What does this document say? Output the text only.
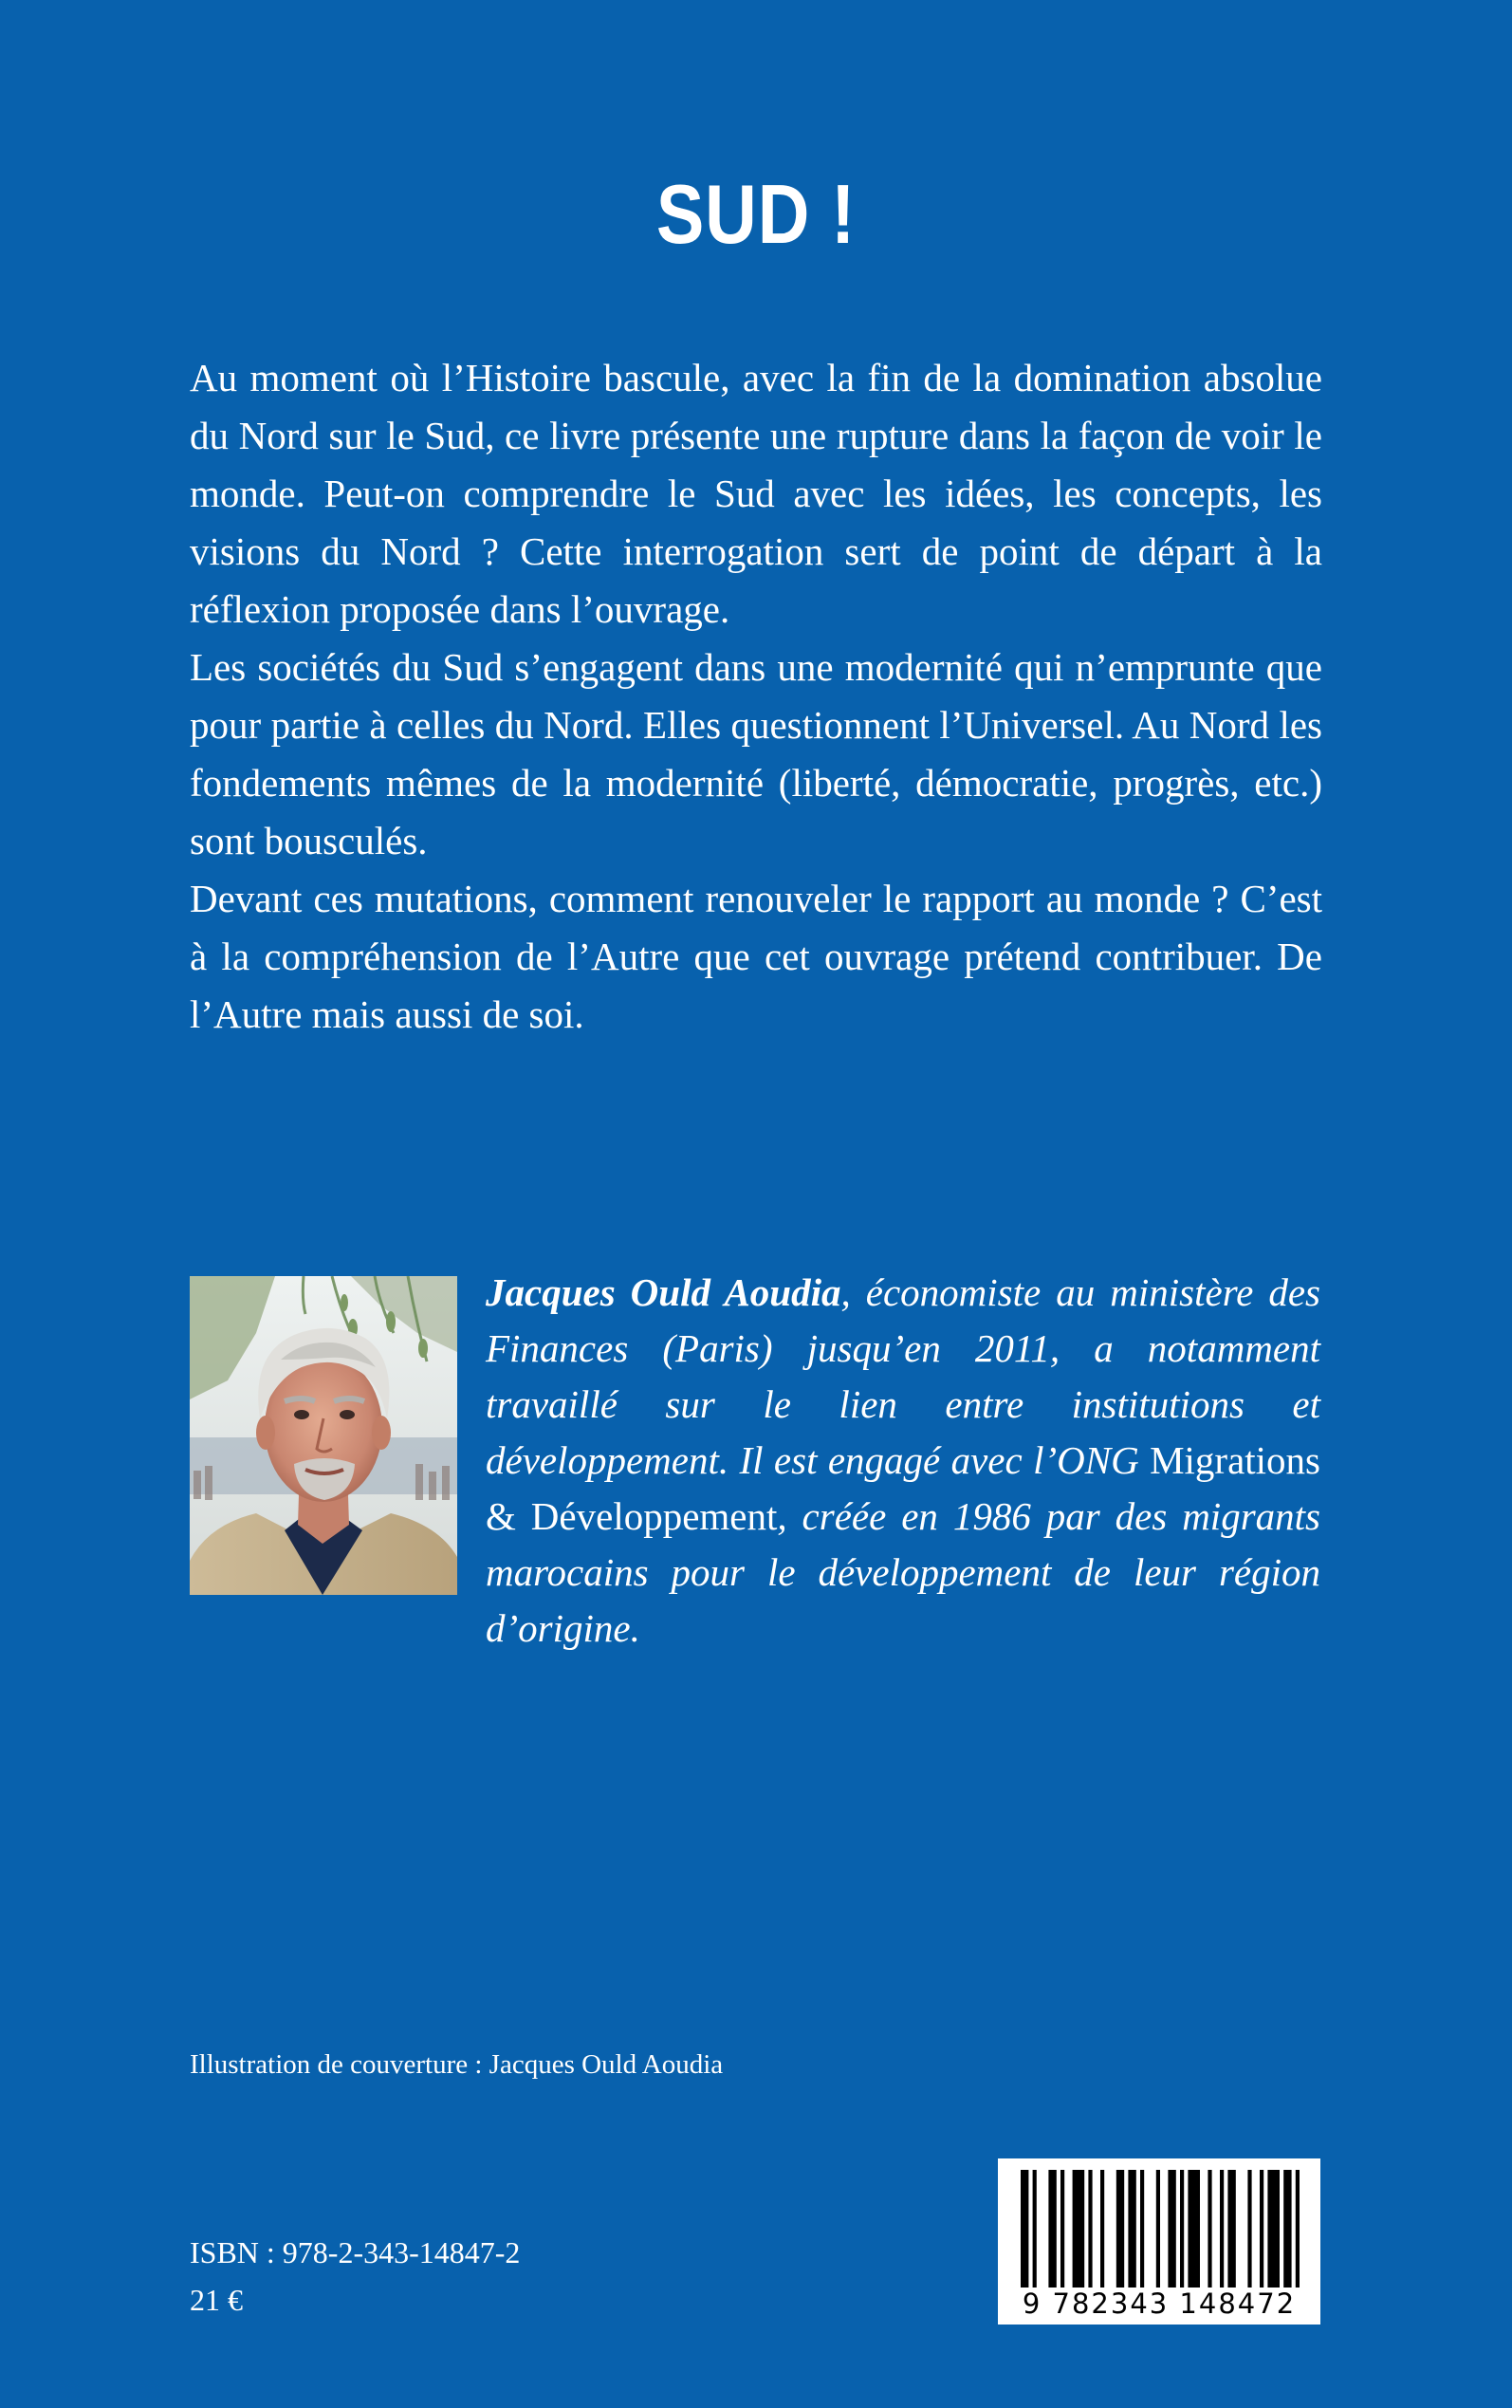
SUD !

Au moment où l’Histoire bascule, avec la fin de la domination absolue du Nord sur le Sud, ce livre présente une rupture dans la façon de voir le monde. Peut-on comprendre le Sud avec les idées, les concepts, les visions du Nord ? Cette interrogation sert de point de départ à la réflexion proposée dans l’ouvrage.

Les sociétés du Sud s’engagent dans une modernité qui n’emprunte que pour partie à celles du Nord. Elles questionnent l’Universel. Au Nord les fondements mêmes de la modernité (liberté, démocratie, progrès, etc.) sont bousculés.

Devant ces mutations, comment renouveler le rapport au monde ? C’est à la compréhension de l’Autre que cet ouvrage prétend contribuer. De l’Autre mais aussi de soi.

Jacques Ould Aoudia, économiste au ministère des Finances (Paris) jusqu’en 2011, a notamment travaillé sur le lien entre institutions et développement. Il est engagé avec l’ONG Migrations & Développement, créée en 1986 par des migrants marocains pour le développement de leur région d’origine.

Illustration de couverture : Jacques Ould Aoudia

ISBN : 978-2-343-14847-2

21 €	9 782343 148472
